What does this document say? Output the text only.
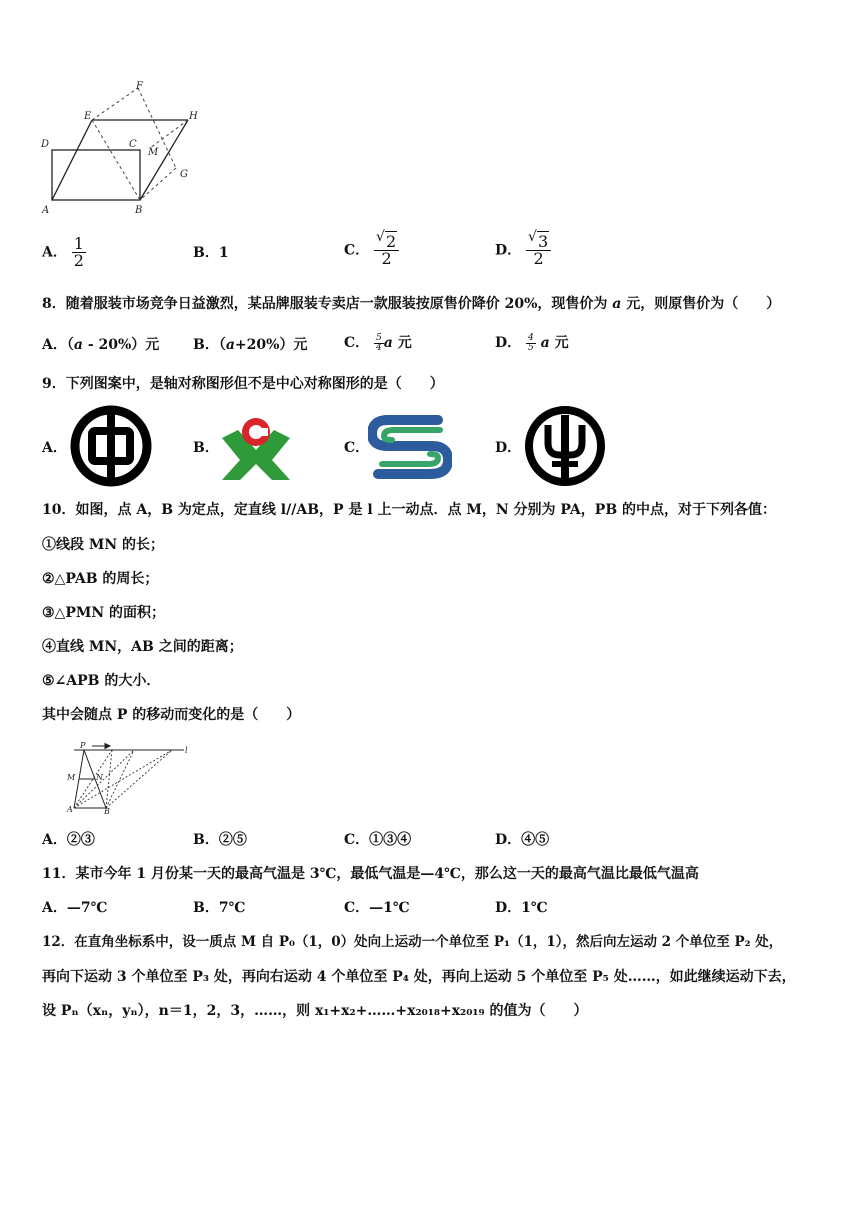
F
E	H
D	C
M
G
A	B
A． $\frac{1}{2}$	B．1	C． $\frac{√ 2}{2}$	D． $\frac{√ 3}{2}$
8．随着服装市场竞争日益激烈，某品牌服装专卖店一款服装按原售价降价 20%，现售价为 a 元，则原售价为（　　）
A．（a - 20%）元 B．（a+20%）元	C． $\frac{5}{4}$ a 元	D． $\frac{4}{5}$ a 元
9．下列图案中，是轴对称图形但不是中心对称图形的是（　　）
A．	B．	C．	D．
10．如图，点 A，B 为定点，定直线 l//AB，P 是 l 上一动点．点 M，N 分别为 PA，PB 的中点，对于下列各值：
①线段 MN 的长；
②△PAB 的周长；
③△PMN 的面积；
④直线 MN，AB 之间的距离；
⑤∠APB 的大小．
其中会随点 P 的移动而变化的是（　　）
P
l
M	N
A	B
A．②③	B．②⑤	C．①③④	D．④⑤
11．某市今年 1 月份某一天的最高气温是 3℃，最低气温是—4℃，那么这一天的最高气温比最低气温高
A．—7℃	B．7℃	C．—1℃	D．1℃
12．在直角坐标系中，设一质点 M 自 P₀（1，0）处向上运动一个单位至 P₁（1，1），然后向左运动 2 个单位至 P₂ 处，
再向下运动 3 个单位至 P₃ 处，再向右运动 4 个单位至 P₄ 处，再向上运动 5 个单位至 P₅ 处……，如此继续运动下去，
设 Pₙ（xₙ，yₙ），n＝1，2，3，……，则 x₁+x₂+……+x₂₀₁₈+x₂₀₁₉ 的值为（　　）
